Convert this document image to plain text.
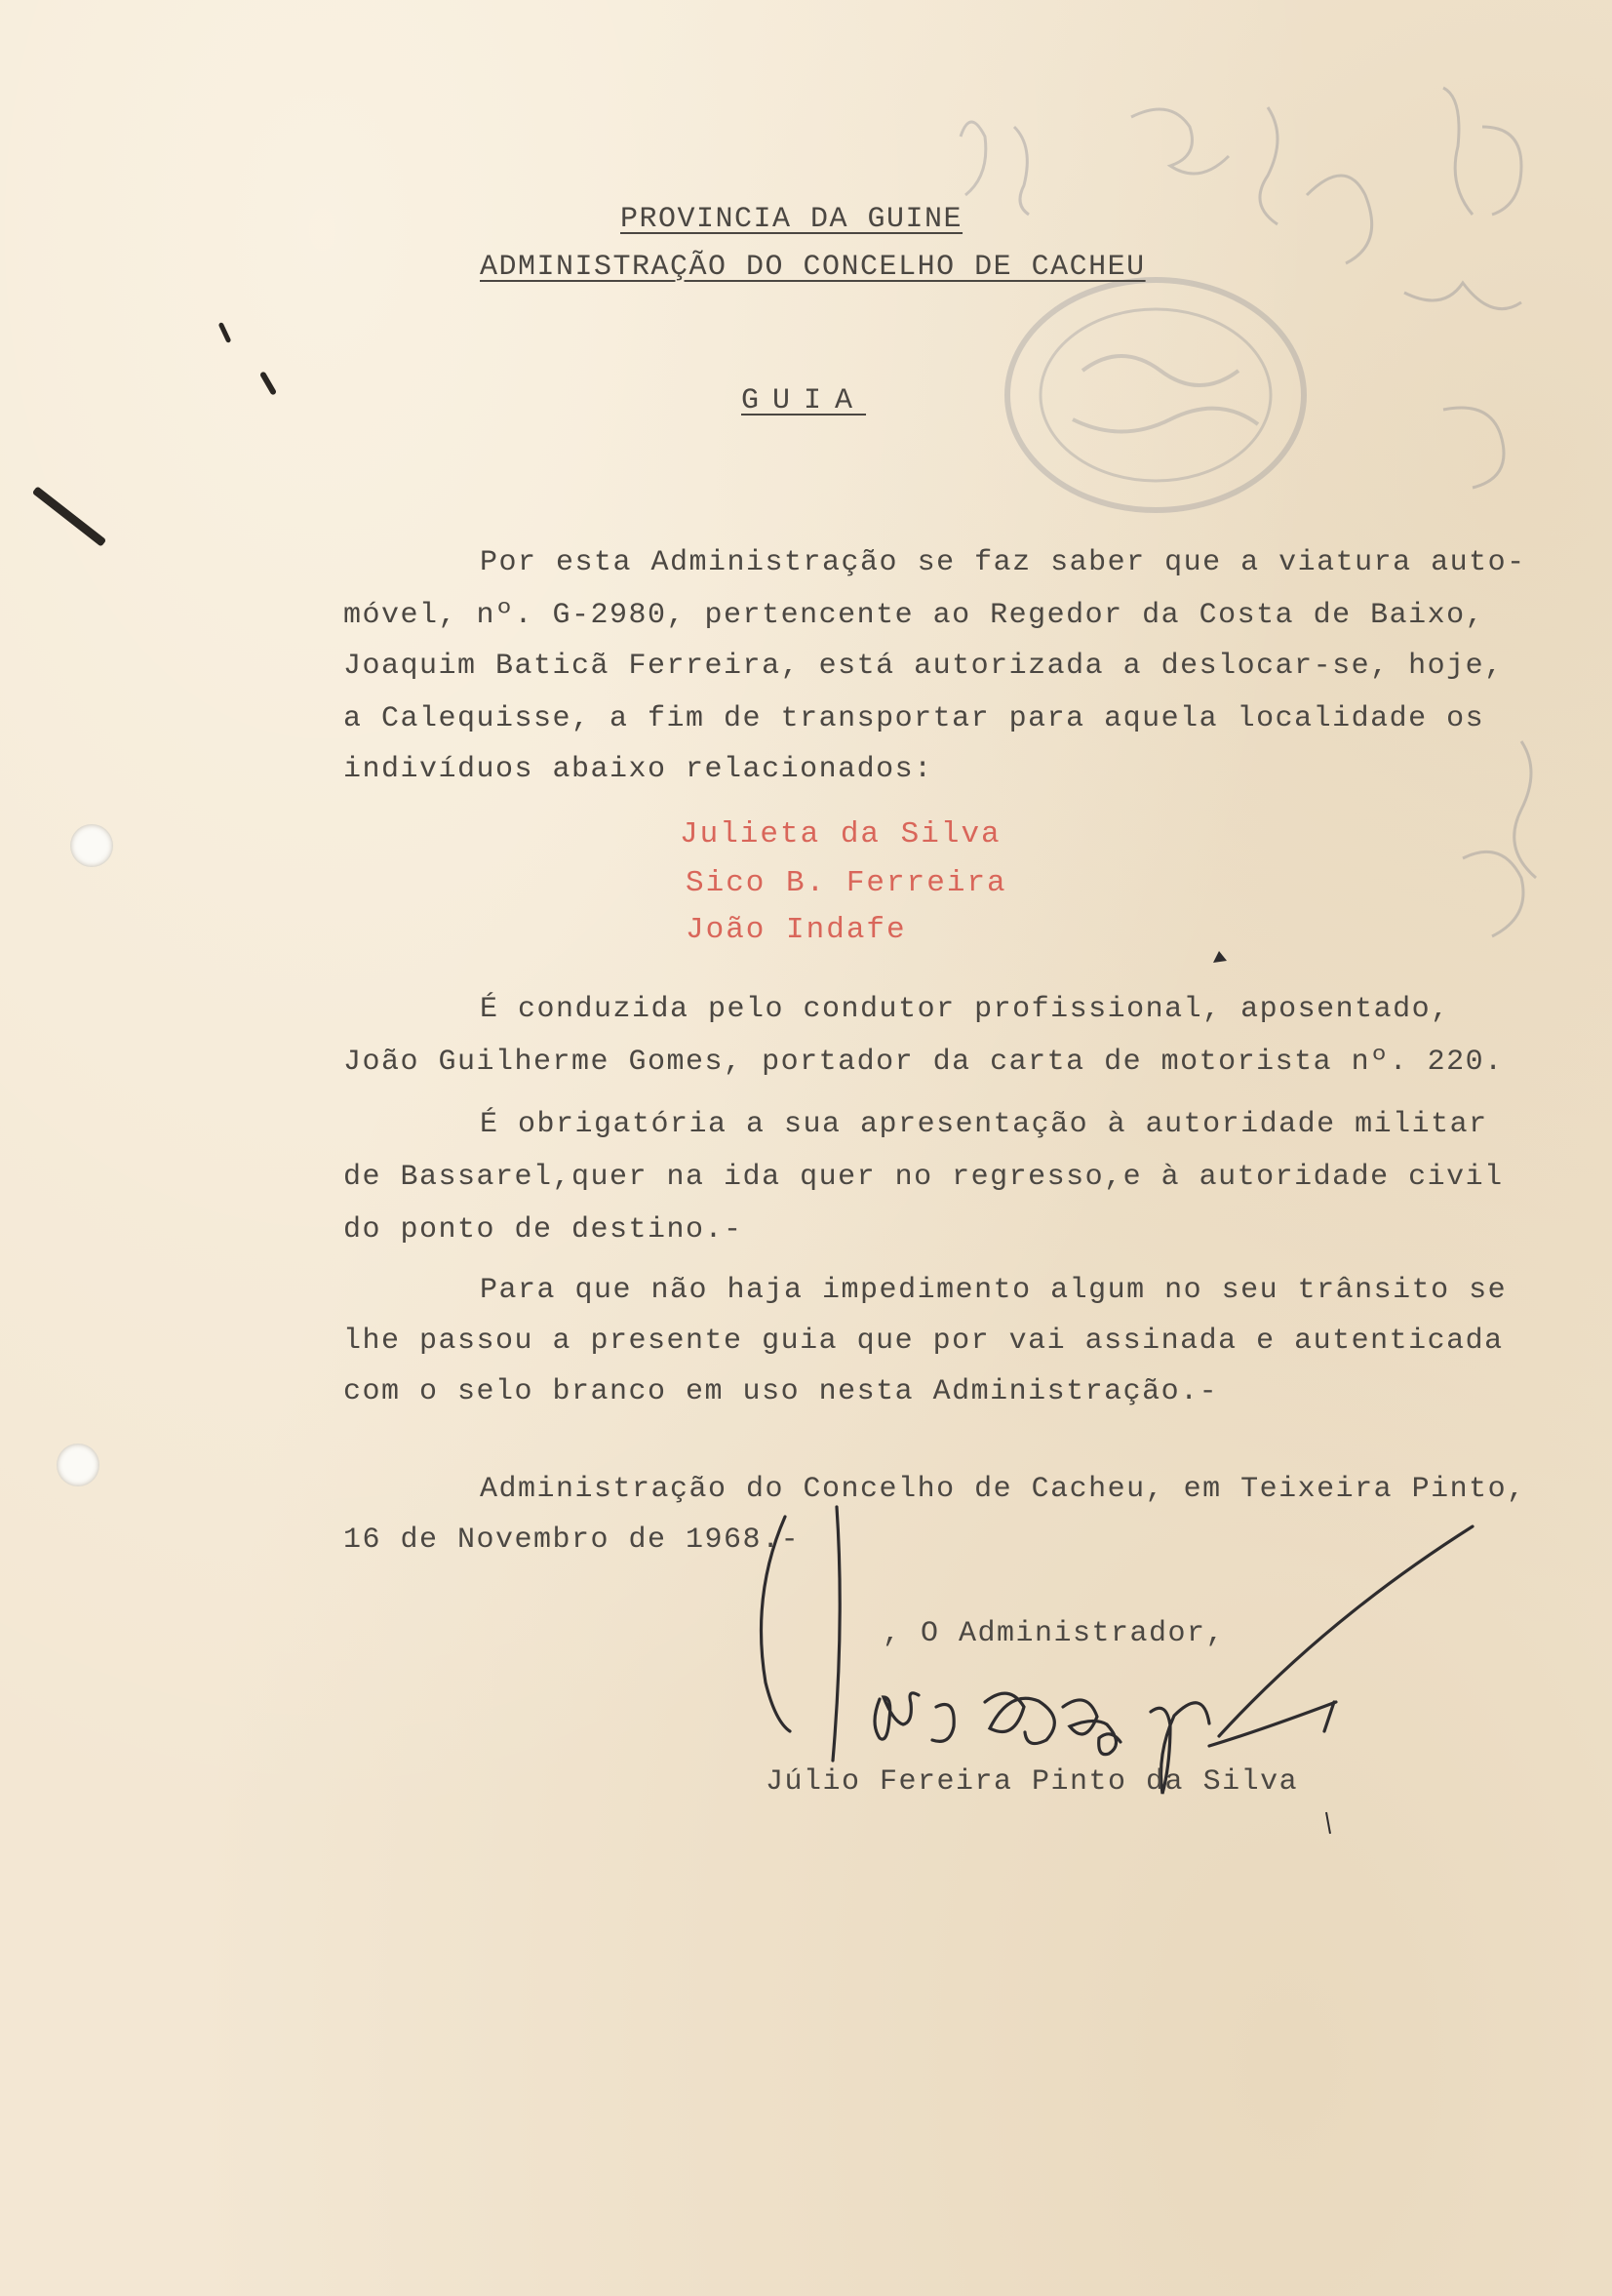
PROVINCIA DA GUINE
ADMINISTRAÇÃO DO CONCELHO DE CACHEU
GUIA
Por esta Administração se faz saber que a viatura auto-
móvel, nº. G-2980, pertencente ao Regedor da Costa de Baixo,
Joaquim Baticã Ferreira, está autorizada a deslocar-se, hoje,
a Calequisse, a fim de transportar para aquela localidade os
indivíduos abaixo relacionados:
Julieta da Silva
Sico B. Ferreira
João Indafe
É conduzida pelo condutor profissional, aposentado,
João Guilherme Gomes, portador da carta de motorista nº. 220.
É obrigatória a sua apresentação à autoridade militar
de Bassarel,quer na ida quer no regresso,e à autoridade civil
do ponto de destino.-
Para que não haja impedimento algum no seu trânsito se
lhe passou a presente guia que por vai assinada e autenticada
com o selo branco em uso nesta Administração.-
Administração do Concelho de Cacheu, em Teixeira Pinto,
16 de Novembro de 1968.-
, O Administrador,
Júlio Fereira Pinto da Silva
